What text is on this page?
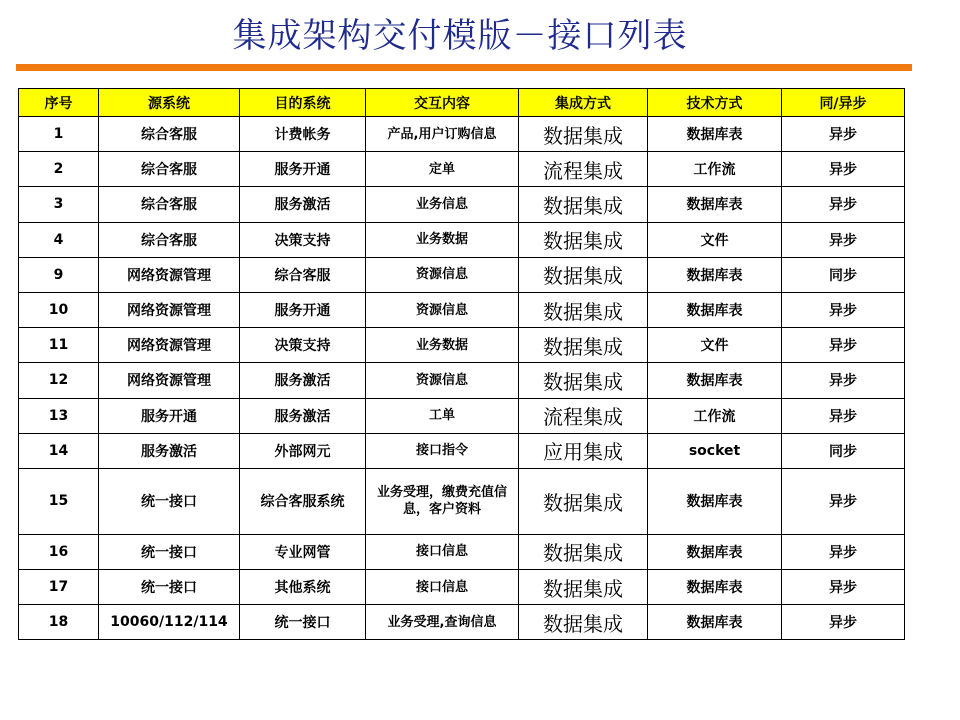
集成架构交付模版－接口列表
序号	源系统	目的系统	交互内容	集成方式	技术方式	同/异步
1	综合客服	计费帐务	产品,用户订购信息	数据集成	数据库表	异步
2	综合客服	服务开通	定单	流程集成	工作流	异步
3	综合客服	服务激活	业务信息	数据集成	数据库表	异步
4	综合客服	决策支持	业务数据	数据集成	文件	异步
9	网络资源管理	综合客服	资源信息	数据集成	数据库表	同步
10	网络资源管理	服务开通	资源信息	数据集成	数据库表	异步
11	网络资源管理	决策支持	业务数据	数据集成	文件	异步
12	网络资源管理	服务激活	资源信息	数据集成	数据库表	异步
13	服务开通	服务激活	工单	流程集成	工作流	异步
14	服务激活	外部网元	接口指令	应用集成	socket	同步
15	统一接口	综合客服系统	业务受理，缴费充值信息，客户资料	数据集成	数据库表	异步
16	统一接口	专业网管	接口信息	数据集成	数据库表	异步
17	统一接口	其他系统	接口信息	数据集成	数据库表	异步
18	10060/112/114	统一接口	业务受理,查询信息	数据集成	数据库表	异步
